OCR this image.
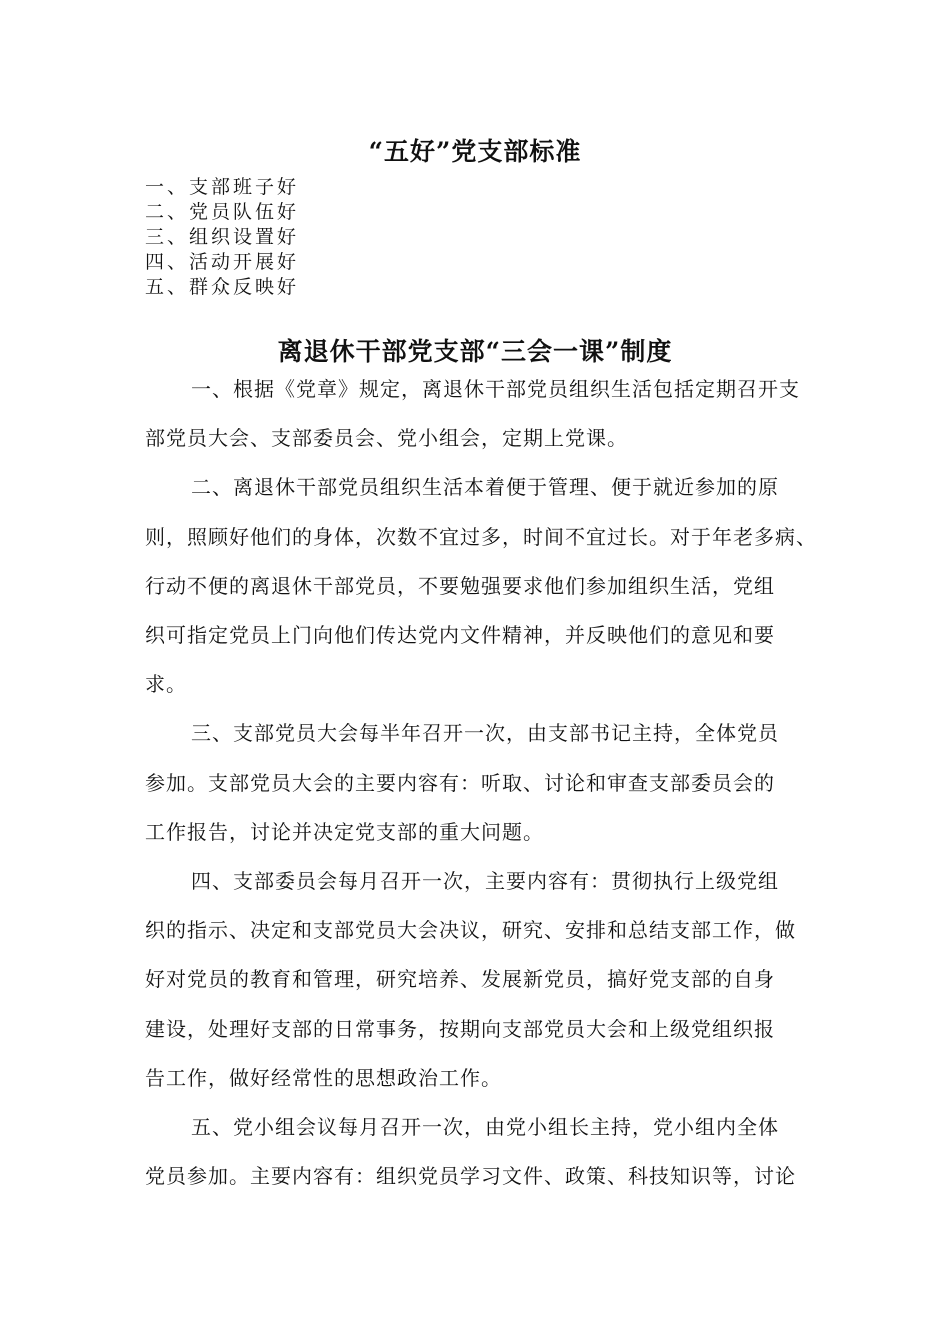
“五好”党支部标准
一、支部班子好
二、党员队伍好
三、组织设置好
四、活动开展好
五、群众反映好
离退休干部党支部“三会一课”制度

一、根据《党章》规定，离退休干部党员组织生活包括定期召开支
部党员大会、支部委员会、党小组会，定期上党课。

二、离退休干部党员组织生活本着便于管理、便于就近参加的原
则，照顾好他们的身体，次数不宜过多，时间不宜过长。对于年老多病、
行动不便的离退休干部党员，不要勉强要求他们参加组织生活，党组
织可指定党员上门向他们传达党内文件精神，并反映他们的意见和要
求。

三、支部党员大会每半年召开一次，由支部书记主持，全体党员
参加。支部党员大会的主要内容有：听取、讨论和审查支部委员会的
工作报告，讨论并决定党支部的重大问题。

四、支部委员会每月召开一次，主要内容有：贯彻执行上级党组
织的指示、决定和支部党员大会决议，研究、安排和总结支部工作，做
好对党员的教育和管理，研究培养、发展新党员，搞好党支部的自身
建设，处理好支部的日常事务，按期向支部党员大会和上级党组织报
告工作，做好经常性的思想政治工作。

五、党小组会议每月召开一次，由党小组长主持，党小组内全体
党员参加。主要内容有：组织党员学习文件、政策、科技知识等，讨论
